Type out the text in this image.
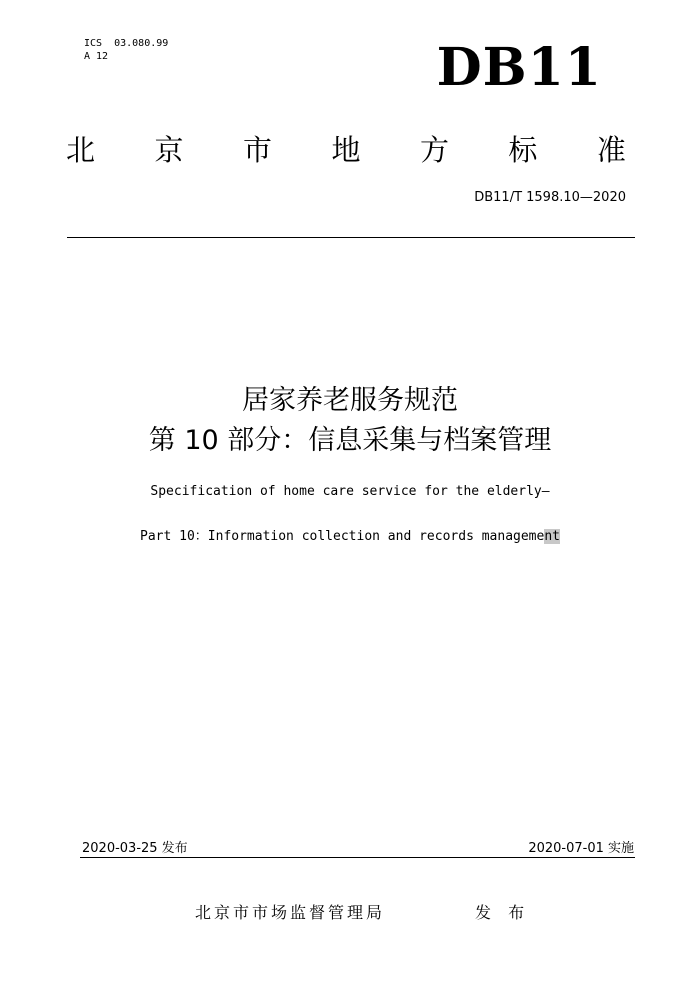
ICS  03.080.99
A 12	DB11
北 京 市 地 方 标 准
DB11/T 1598.10—2020
居家养老服务规范
第 10 部分：信息采集与档案管理
Specification of home care service for the elderly—
Part 10：Information collection and records management
2020-03-25 发布	2020-07-01 实施
北京市市场监督管理局	发 布
